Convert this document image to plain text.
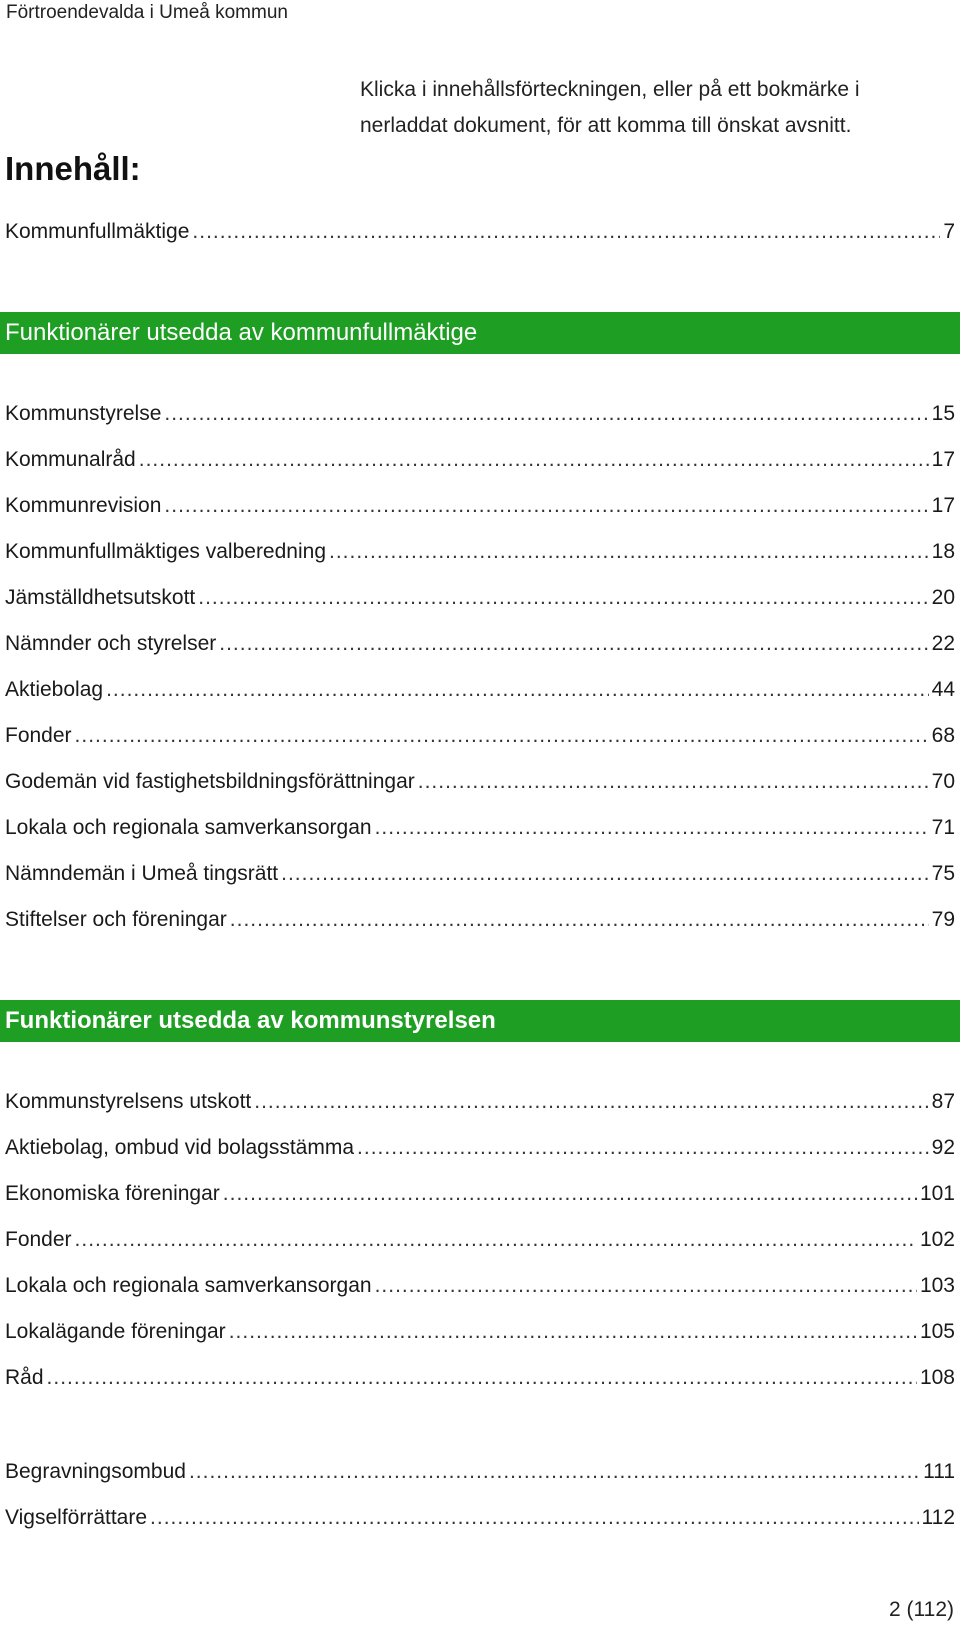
Förtroendevalda i Umeå kommun
Klicka i innehållsförteckningen, eller på ett bokmärke i nerladdat dokument, för att komma till önskat avsnitt.
Innehåll:
Kommunfullmäktige .....	7
Funktionärer utsedda av kommunfullmäktige
Kommunstyrelse .....	15
Kommunalråd .....	17
Kommunrevision .....	17
Kommunfullmäktiges valberedning .....	18
Jämställdhetsutskott .....	20
Nämnder och styrelser .....	22
Aktiebolag .....	44
Fonder .....	68
Godemän vid fastighetsbildningsförättningar .....	70
Lokala och regionala samverkansorgan .....	71
Nämndemän i Umeå tingsrätt .....	75
Stiftelser och föreningar .....	79
Funktionärer utsedda av kommunstyrelsen
Kommunstyrelsens utskott .....	87
Aktiebolag, ombud vid bolagsstämma .....	92
Ekonomiska föreningar .....	101
Fonder .....	102
Lokala och regionala samverkansorgan .....	103
Lokalägande föreningar .....	105
Råd .....	108
Begravningsombud .....	111
Vigselförrättare .....	112
2 (112)
